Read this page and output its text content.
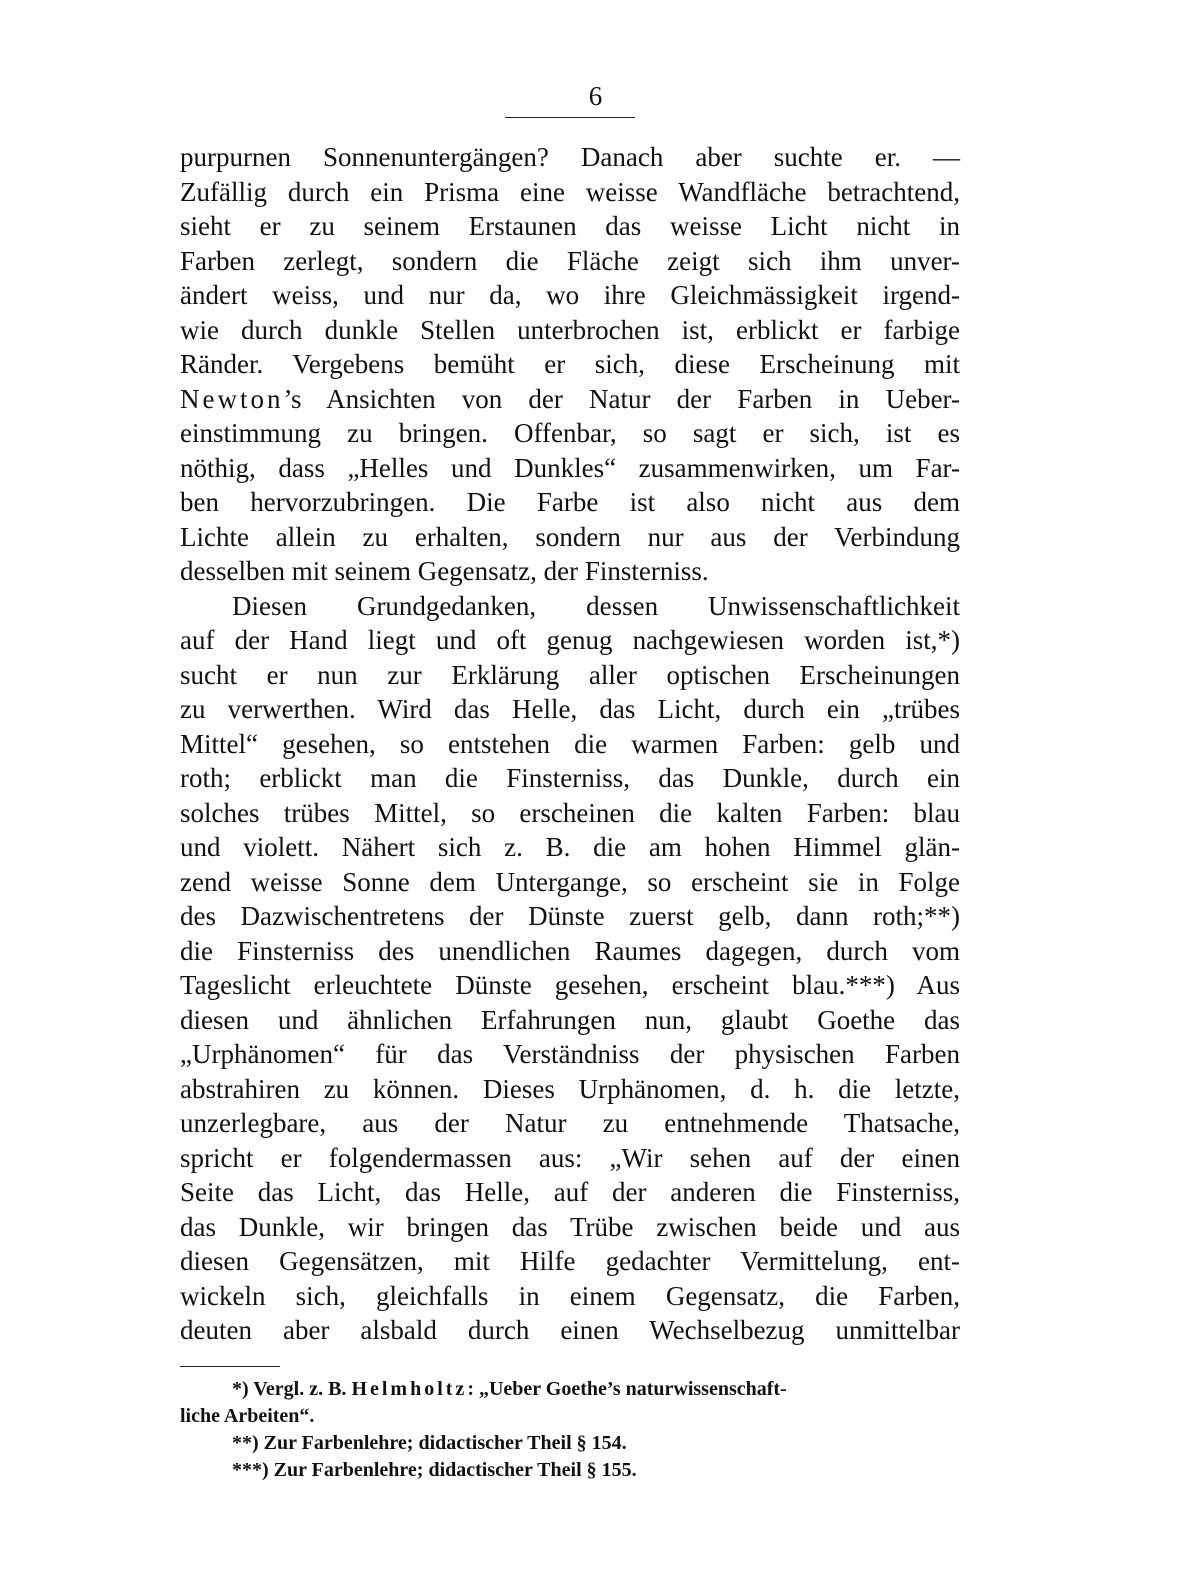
6
purpurnen Sonnenuntergängen? Danach aber suchte er. —
Zufällig durch ein Prisma eine weisse Wandfläche betrachtend,
sieht er zu seinem Erstaunen das weisse Licht nicht in
Farben zerlegt, sondern die Fläche zeigt sich ihm unver-
ändert weiss, und nur da, wo ihre Gleichmässigkeit irgend-
wie durch dunkle Stellen unterbrochen ist, erblickt er farbige
Ränder. Vergebens bemüht er sich, diese Erscheinung mit
Newton’s Ansichten von der Natur der Farben in Ueber-
einstimmung zu bringen. Offenbar, so sagt er sich, ist es
nöthig, dass „Helles und Dunkles“ zusammenwirken, um Far-
ben hervorzubringen. Die Farbe ist also nicht aus dem
Lichte allein zu erhalten, sondern nur aus der Verbindung
desselben mit seinem Gegensatz, der Finsterniss.
Diesen Grundgedanken, dessen Unwissenschaftlichkeit
auf der Hand liegt und oft genug nachgewiesen worden ist,*)
sucht er nun zur Erklärung aller optischen Erscheinungen
zu verwerthen. Wird das Helle, das Licht, durch ein „trübes
Mittel“ gesehen, so entstehen die warmen Farben: gelb und
roth; erblickt man die Finsterniss, das Dunkle, durch ein
solches trübes Mittel, so erscheinen die kalten Farben: blau
und violett. Nähert sich z. B. die am hohen Himmel glän-
zend weisse Sonne dem Untergange, so erscheint sie in Folge
des Dazwischentretens der Dünste zuerst gelb, dann roth;**)
die Finsterniss des unendlichen Raumes dagegen, durch vom
Tageslicht erleuchtete Dünste gesehen, erscheint blau.***) Aus
diesen und ähnlichen Erfahrungen nun, glaubt Goethe das
„Urphänomen“ für das Verständniss der physischen Farben
abstrahiren zu können. Dieses Urphänomen, d. h. die letzte,
unzerlegbare, aus der Natur zu entnehmende Thatsache,
spricht er folgendermassen aus: „Wir sehen auf der einen
Seite das Licht, das Helle, auf der anderen die Finsterniss,
das Dunkle, wir bringen das Trübe zwischen beide und aus
diesen Gegensätzen, mit Hilfe gedachter Vermittelung, ent-
wickeln sich, gleichfalls in einem Gegensatz, die Farben,
deuten aber alsbald durch einen Wechselbezug unmittelbar
*) Vergl. z. B. Helmholtz: „Ueber Goethe’s naturwissenschaft-
liche Arbeiten“.
**) Zur Farbenlehre; didactischer Theil § 154.
***) Zur Farbenlehre; didactischer Theil § 155.
